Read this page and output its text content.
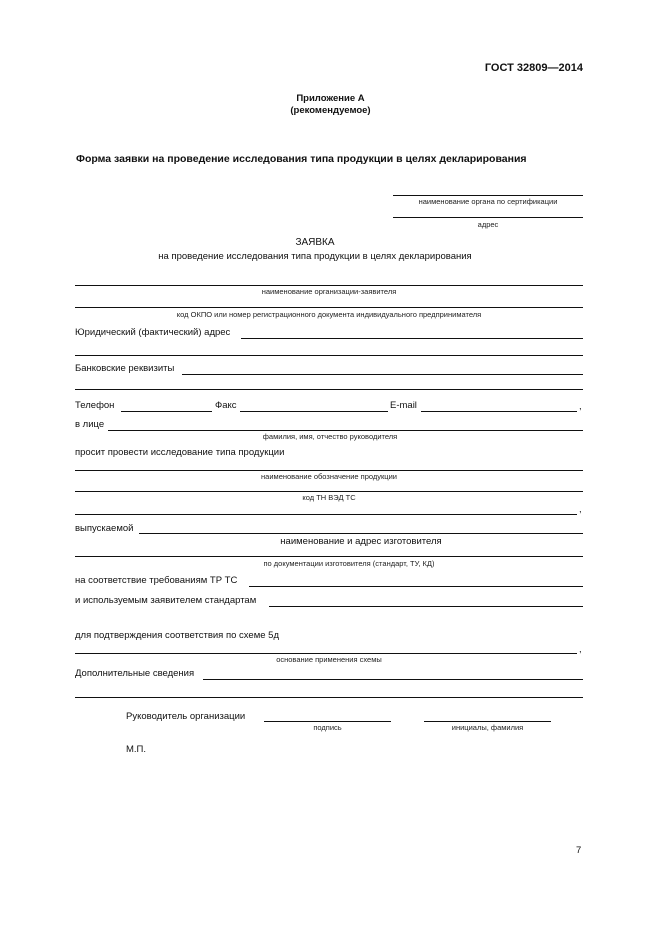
ГОСТ 32809—2014
Приложение А
(рекомендуемое)
Форма заявки на проведение исследования типа продукции в целях декларирования
наименование органа по сертификации
адрес
ЗАЯВКА
на проведение исследования типа продукции в целях декларирования
наименование организации-заявителя
код ОКПО или номер регистрационного документа индивидуального предпринимателя
Юридический (фактический) адрес
Банковские реквизиты
Телефон	Факс	E-mail	,
в лице
фамилия, имя, отчество руководителя
просит провести исследование типа продукции
наименование обозначение продукции
код ТН ВЭД ТС
,
выпускаемой
наименование и адрес изготовителя
по документации изготовителя (стандарт, ТУ, КД)
на соответствие требованиям ТР ТС
и используемым заявителем стандартам
для подтверждения соответствия по схеме 5д
,
основание применения схемы
Дополнительные сведения
Руководитель организации
подпись	инициалы, фамилия
М.П.
7
